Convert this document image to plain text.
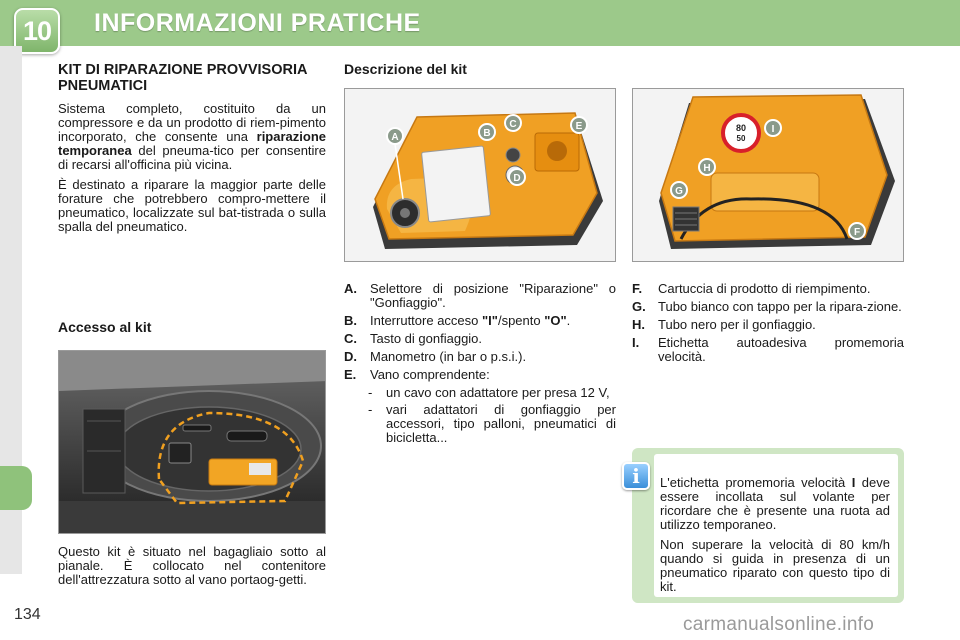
10 INFORMAZIONI PRATICHE
KIT DI RIPARAZIONE PROVVISORIA PNEUMATICI

Sistema completo, costituito da un compressore e da un prodotto di riem-pimento incorporato, che consente una riparazione temporanea del pneuma-tico per consentire di recarsi all'officina più vicina.

È destinato a riparare la maggior parte delle forature che potrebbero compro-mettere il pneumatico, localizzate sul bat-tistrada o sulla spalla del pneumatico.

Accesso al kit

Questo kit è situato nel bagagliaio sotto al pianale. È collocato nel contenitore dell'attrezzatura sotto al vano portaog-getti.

Descrizione del kit
A	B
C
D
E	80
50
I
H
G
F
A.	Selettore di posizione "Riparazione" o "Gonfiaggio".
B.	Interruttore acceso "I"/spento "O".
C.	Tasto di gonfiaggio.
D.	Manometro (in bar o p.s.i.).
E.	Vano comprendente:
-	un cavo con adattatore per presa 12 V,
-	vari adattatori di gonfiaggio per accessori, tipo palloni, pneumatici di bicicletta...
F.	Cartuccia di prodotto di riempimento.
G. Tubo bianco con tappo per la ripara-zione.
H.	Tubo nero per il gonfiaggio.
I.	Etichetta autoadesiva promemoria velocità.

L'etichetta promemoria velocità I deve essere incollata sul volante per ricordare che è presente una ruota ad utilizzo temporaneo.

Non superare la velocità di 80 km/h quando si guida in presenza di un pneumatico riparato con questo tipo di kit.

i
134	carmanualsonline.info
